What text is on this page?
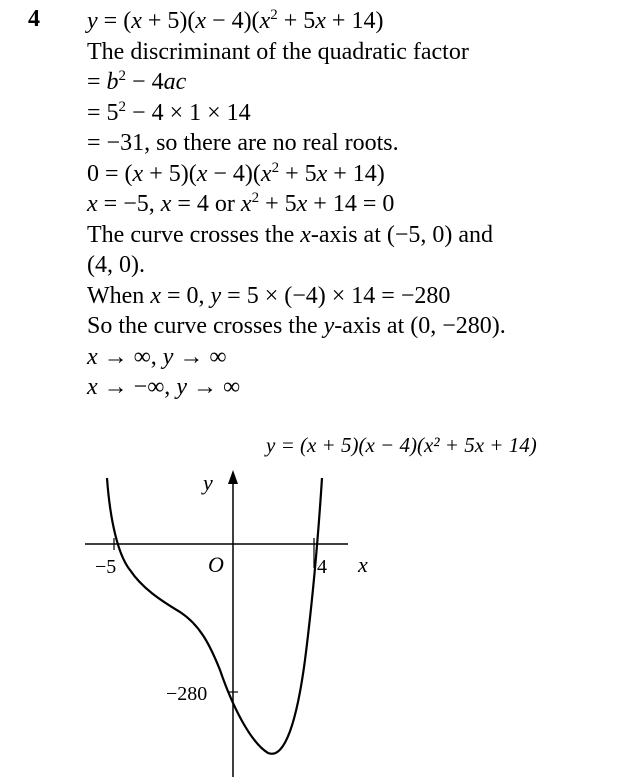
4 $y = (x + 5)(x - 4)(x^2 + 5x + 14)$
The discriminant of the quadratic factor
= $b^2 - 4ac$
= $5^2 - 4 \times 1 \times 14$
= −31, so there are no real roots.
$0 = (x + 5)(x - 4)(x^2 + 5x + 14)$
x = −5, x = 4 or $x^2 + 5x + 14 = 0$
The curve crosses the x-axis at (−5, 0) and
(4, 0).
When x = 0, y = 5 × (−4) × 14 = −280
So the curve crosses the y-axis at (0, −280).
x → ∞, y → ∞
x → −∞, y → ∞
y = (x + 5)(x − 4)(x² + 5x + 14)
y
x
O
−5	4
−280
